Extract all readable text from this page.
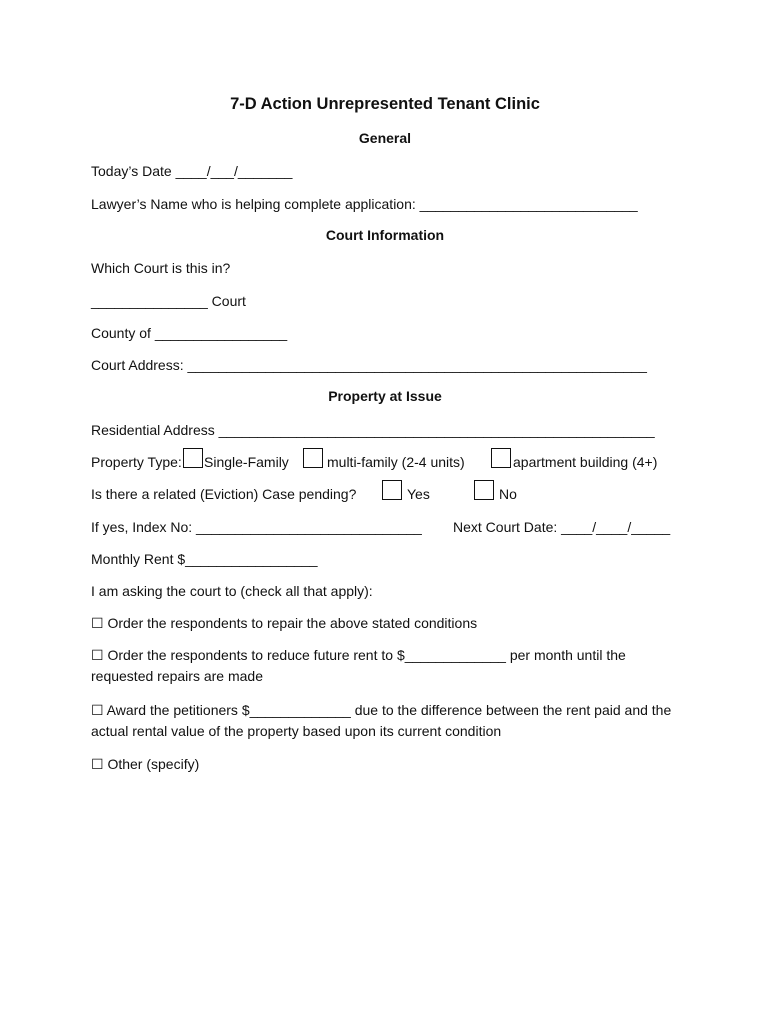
7-D Action Unrepresented Tenant Clinic
General
Today’s Date ____/___/_______
Lawyer’s Name who is helping complete application: ____________________________
Court Information
Which Court is this in?
_______________ Court
County of _________________
Court Address: ___________________________________________________________
Property at Issue
Residential Address ________________________________________________________
Property Type: Single-Family	multi-family (2-4 units)	apartment building (4+)
Is there a related (Eviction) Case pending?	Yes	No
If yes, Index No: _____________________________ Next Court Date: ____/____/_____
Monthly Rent $_________________
I am asking the court to (check all that apply):
☐ Order the respondents to repair the above stated conditions
☐ Order the respondents to reduce future rent to $_____________ per month until the requested repairs are made
☐ Award the petitioners $_____________ due to the difference between the rent paid and the actual rental value of the property based upon its current condition
☐ Other (specify)
